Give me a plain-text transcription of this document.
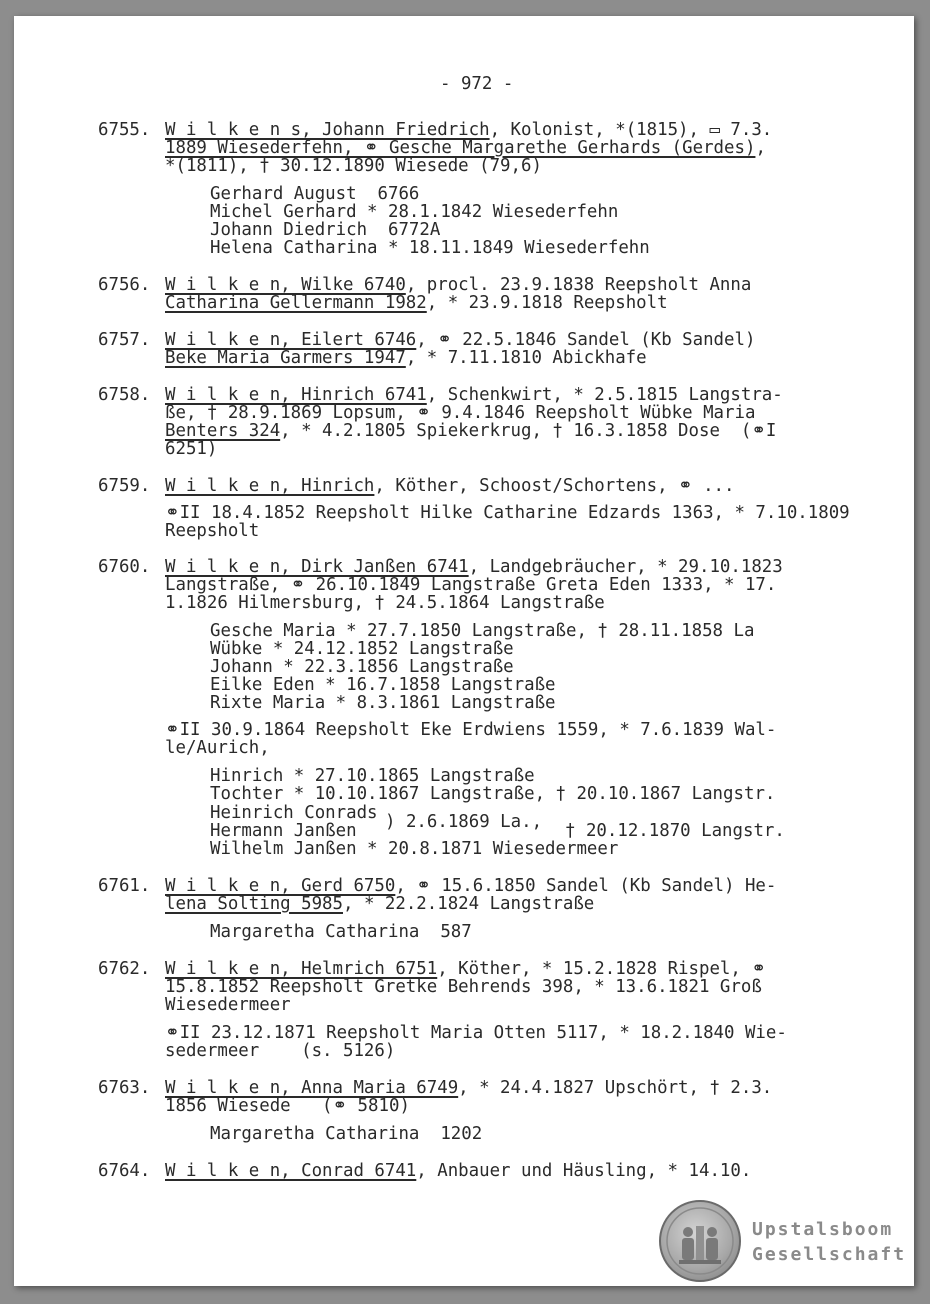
- 972 -
6755. W i l k e n s, Johann Friedrich, Kolonist, *(1815), ▭ 7.3.
1889 Wiesederfehn, ⚭ Gesche Margarethe Gerhards (Gerdes),
*(1811), † 30.12.1890 Wiesede (79,6)
Gerhard August  6766
Michel Gerhard * 28.1.1842 Wiesederfehn
Johann Diedrich  6772A
Helena Catharina * 18.11.1849 Wiesederfehn
6756. W i l k e n, Wilke 6740, procl. 23.9.1838 Reepsholt Anna
Catharina Gellermann 1982, * 23.9.1818 Reepsholt
6757. W i l k e n, Eilert 6746, ⚭ 22.5.1846 Sandel (Kb Sandel)
Beke Maria Garmers 1947, * 7.11.1810 Abickhafe
6758. W i l k e n, Hinrich 6741, Schenkwirt, * 2.5.1815 Langstra-
ße, † 28.9.1869 Lopsum, ⚭ 9.4.1846 Reepsholt Wübke Maria
Benters 324, * 4.2.1805 Spiekerkrug, † 16.3.1858 Dose  (⚭I
6251)
6759. W i l k e n, Hinrich, Köther, Schoost/Schortens, ⚭ ...
⚭II 18.4.1852 Reepsholt Hilke Catharine Edzards 1363, * 7.10.1809
Reepsholt
6760. W i l k e n, Dirk Janßen 6741, Landgebräucher, * 29.10.1823
Langstraße, ⚭ 26.10.1849 Langstraße Greta Eden 1333, * 17.
1.1826 Hilmersburg, † 24.5.1864 Langstraße
Gesche Maria * 27.7.1850 Langstraße, † 28.11.1858 La
Wübke * 24.12.1852 Langstraße
Johann * 22.3.1856 Langstraße
Eilke Eden * 16.7.1858 Langstraße
Rixte Maria * 8.3.1861 Langstraße
⚭II 30.9.1864 Reepsholt Eke Erdwiens 1559, * 7.6.1839 Wal-
le/Aurich,
Hinrich * 27.10.1865 Langstraße
Tochter * 10.10.1867 Langstraße, † 20.10.1867 Langstr.
Heinrich Conrads
Hermann Janßen ) 2.6.1869 La., † 20.12.1870 Langstr.
Wilhelm Janßen * 20.8.1871 Wiesedermeer
6761. W i l k e n, Gerd 6750, ⚭ 15.6.1850 Sandel (Kb Sandel) He-
lena Solting 5985, * 22.2.1824 Langstraße
Margaretha Catharina  587
6762. W i l k e n, Helmrich 6751, Köther, * 15.2.1828 Rispel, ⚭
15.8.1852 Reepsholt Gretke Behrends 398, * 13.6.1821 Groß
Wiesedermeer
⚭II 23.12.1871 Reepsholt Maria Otten 5117, * 18.2.1840 Wie-
sedermeer    (s. 5126)
6763. W i l k e n, Anna Maria 6749, * 24.4.1827 Upschört, † 2.3.
1856 Wiesede   (⚭ 5810)
Margaretha Catharina  1202
6764. W i l k e n, Conrad 6741, Anbauer und Häusling, * 14.10.
Upstalsboom
Gesellschaft
